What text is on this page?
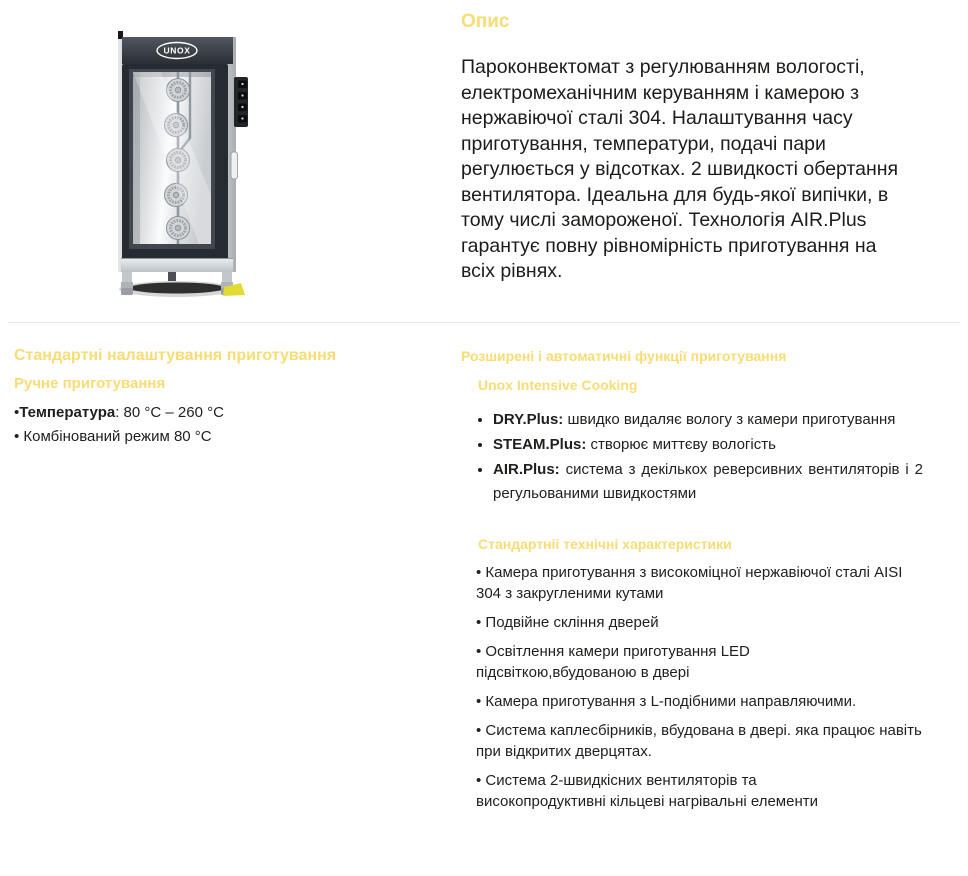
UNOX
Опис

Пароконвектомат з регулюванням вологості, електромеханічним керуванням і камерою з нержавіючої сталі 304. Налаштування часу приготування, температури, подачі пари регулюється у відсотках. 2 швидкості обертання вентилятора. Ідеальна для будь-якої випічки, в тому числі замороженої. Технологія AIR.Plus гарантує повну рівномірність приготування на всіх рівнях.

Стандартні налаштування приготування
Ручне приготування

•Температура: 80 °C – 260 °C

• Комбінований режим 80 °C

Розширені і автоматичні функції приготування
Unox Intensive Cooking
• DRY.Plus: швидко видаляє вологу з камери приготування
• STEAM.Plus: створює миттєву вологість
• AIR.Plus: система з декількох реверсивних вентиляторів і 2 регульованими швидкостями
Стандартніі технічні характеристики

• Камера приготування з високоміцної нержавіючої сталі AISI 304 з закругленими кутами

• Подвійне скління дверей

• Освітлення камери приготування LED підсвіткою,вбудованою в двері

• Камера приготування з L-подібними направляючими.

• Система каплесбірників, вбудована в двері. яка працює навіть при відкритих дверцятах.

• Система 2-швидкісних вентиляторів та високопродуктивні кільцеві нагрівальні елементи
